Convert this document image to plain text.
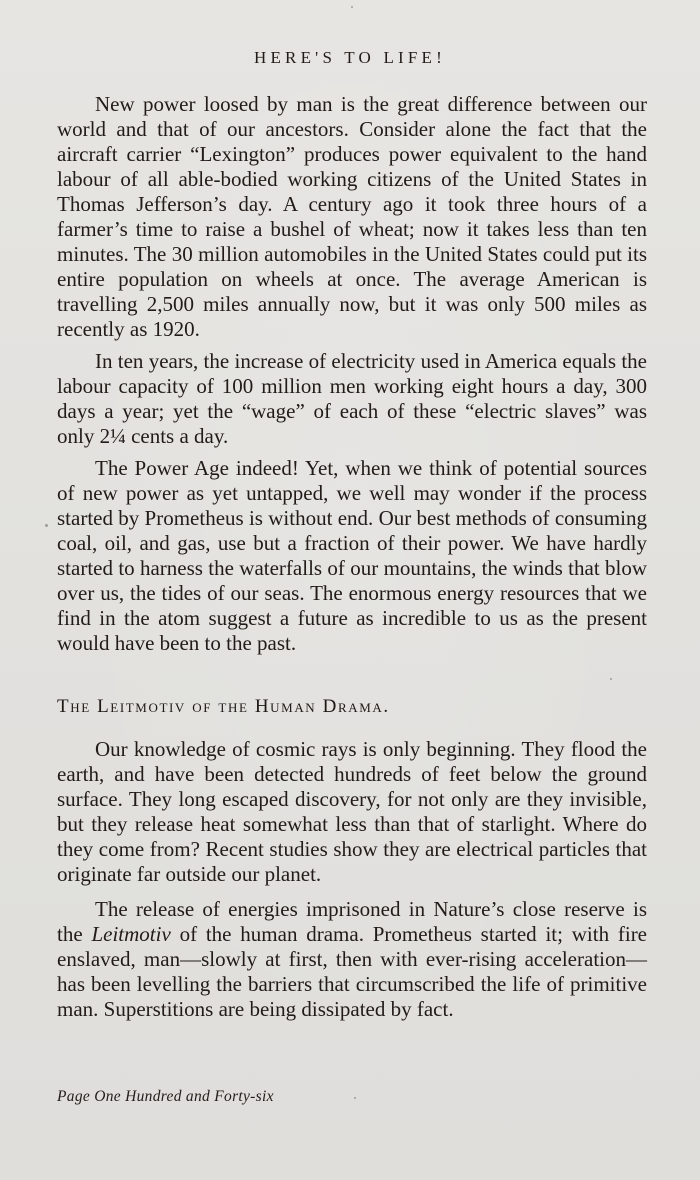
HERE'S TO LIFE!

New power loosed by man is the great difference between our world and that of our ancestors. Consider alone the fact that the aircraft carrier “Lexington” produces power equivalent to the hand labour of all able-bodied working citizens of the United States in Thomas Jefferson’s day. A century ago it took three hours of a farmer’s time to raise a bushel of wheat; now it takes less than ten minutes. The 30 million automobiles in the United States could put its entire population on wheels at once. The average American is travelling 2,500 miles annually now, but it was only 500 miles as recently as 1920.

In ten years, the increase of electricity used in America equals the labour capacity of 100 million men working eight hours a day, 300 days a year; yet the “wage” of each of these “electric slaves” was only 2¼ cents a day.

The Power Age indeed! Yet, when we think of potential sources of new power as yet untapped, we well may wonder if the process started by Prometheus is without end. Our best methods of consuming coal, oil, and gas, use but a fraction of their power. We have hardly started to harness the waterfalls of our mountains, the winds that blow over us, the tides of our seas. The enormous energy resources that we find in the atom suggest a future as incredible to us as the present would have been to the past.

The Leitmotiv of the Human Drama.

Our knowledge of cosmic rays is only beginning. They flood the earth, and have been detected hundreds of feet below the ground surface. They long escaped discovery, for not only are they invisible, but they release heat somewhat less than that of starlight. Where do they come from? Recent studies show they are electrical particles that originate far outside our planet.

The release of energies imprisoned in Nature’s close reserve is the Leitmotiv of the human drama. Prometheus started it; with fire enslaved, man—slowly at first, then with ever-rising acceleration—has been levelling the barriers that circumscribed the life of primitive man. Superstitions are being dissipated by fact.

Page One Hundred and Forty-six
